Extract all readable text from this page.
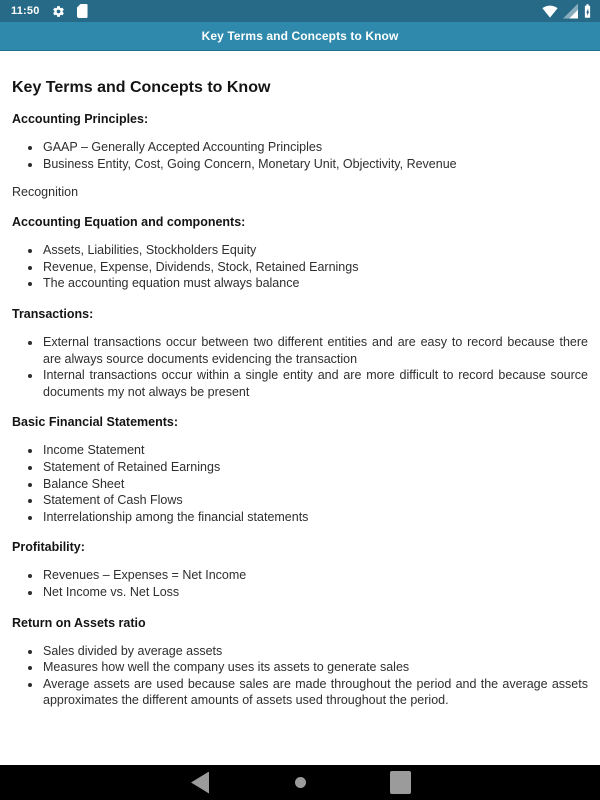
11:50
Key Terms and Concepts to Know
Key Terms and Concepts to Know
Accounting Principles:
• GAAP – Generally Accepted Accounting Principles
• Business Entity, Cost, Going Concern, Monetary Unit, Objectivity, Revenue

Recognition

Accounting Equation and components:
• Assets, Liabilities, Stockholders Equity
• Revenue, Expense, Dividends, Stock, Retained Earnings
• The accounting equation must always balance
Transactions:
• External transactions occur between two different entities and are easy to record because there are always source documents evidencing the transaction
• Internal transactions occur within a single entity and are more difficult to record because source documents my not always be present
Basic Financial Statements:
• Income Statement
• Statement of Retained Earnings
• Balance Sheet
• Statement of Cash Flows
• Interrelationship among the financial statements
Profitability:
• Revenues – Expenses = Net Income
• Net Income vs. Net Loss
Return on Assets ratio
• Sales divided by average assets
• Measures how well the company uses its assets to generate sales
• Average assets are used because sales are made throughout the period and the average assets approximates the different amounts of assets used throughout the period.
